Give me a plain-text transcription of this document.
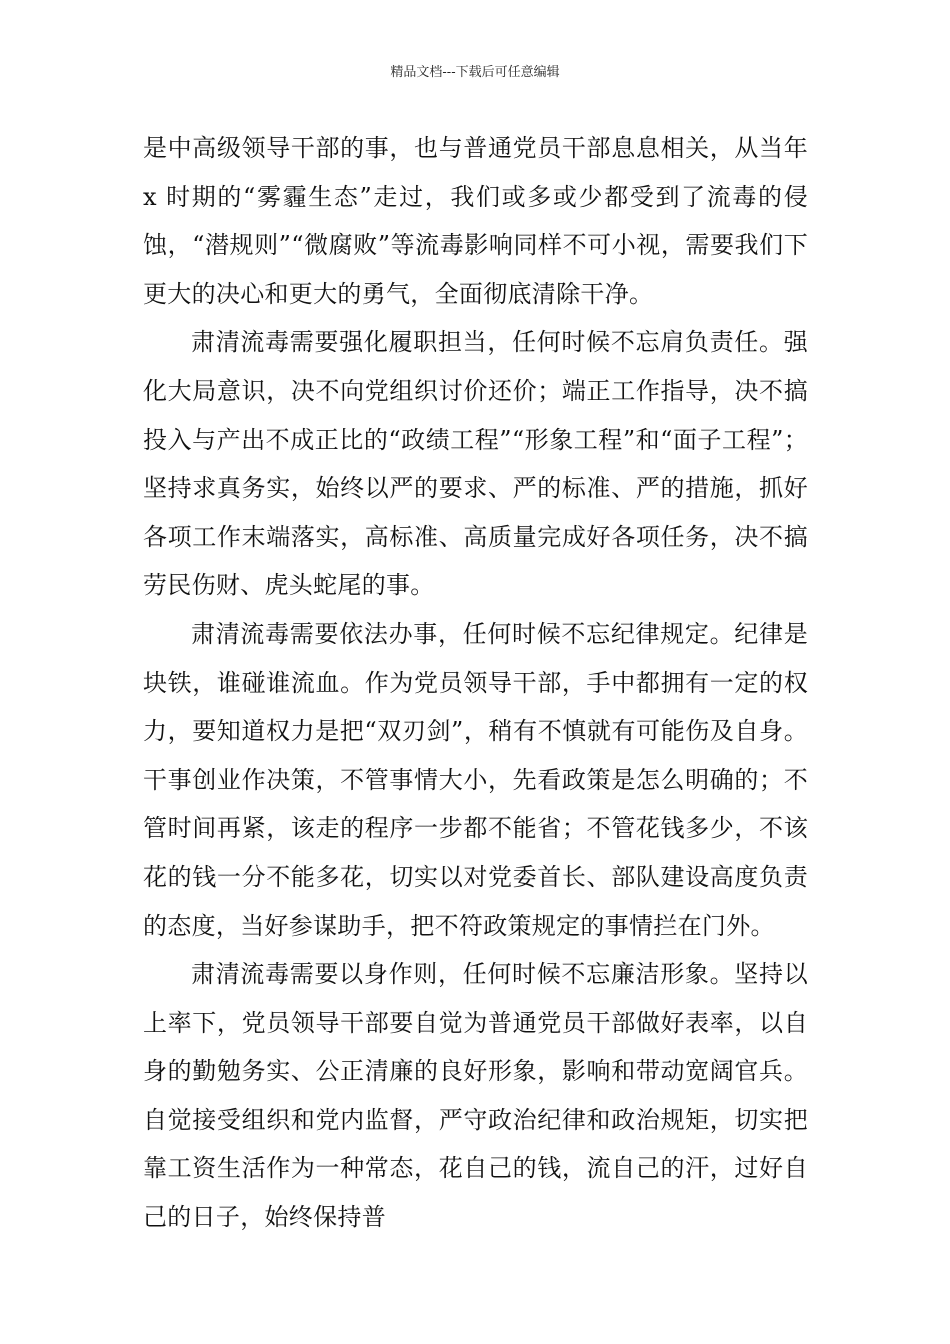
精品文档---下载后可任意编辑

是中高级领导干部的事，也与普通党员干部息息相关，从当年 x 时期的“雾霾生态”走过，我们或多或少都受到了流毒的侵蚀，“潜规则”“微腐败”等流毒影响同样不可小视，需要我们下更大的决心和更大的勇气，全面彻底清除干净。

肃清流毒需要强化履职担当，任何时候不忘肩负责任。强化大局意识，决不向党组织讨价还价；端正工作指导，决不搞投入与产出不成正比的“政绩工程”“形象工程”和“面子工程”；坚持求真务实，始终以严的要求、严的标准、严的措施，抓好各项工作末端落实，高标准、高质量完成好各项任务，决不搞劳民伤财、虎头蛇尾的事。

肃清流毒需要依法办事，任何时候不忘纪律规定。纪律是块铁，谁碰谁流血。作为党员领导干部，手中都拥有一定的权力，要知道权力是把“双刃剑”，稍有不慎就有可能伤及自身。干事创业作决策，不管事情大小，先看政策是怎么明确的；不管时间再紧，该走的程序一步都不能省；不管花钱多少，不该花的钱一分不能多花，切实以对党委首长、部队建设高度负责的态度，当好参谋助手，把不符政策规定的事情拦在门外。

肃清流毒需要以身作则，任何时候不忘廉洁形象。坚持以上率下，党员领导干部要自觉为普通党员干部做好表率，以自身的勤勉务实、公正清廉的良好形象，影响和带动宽阔官兵。自觉接受组织和党内监督，严守政治纪律和政治规矩，切实把靠工资生活作为一种常态，花自己的钱，流自己的汗，过好自己的日子，始终保持普
